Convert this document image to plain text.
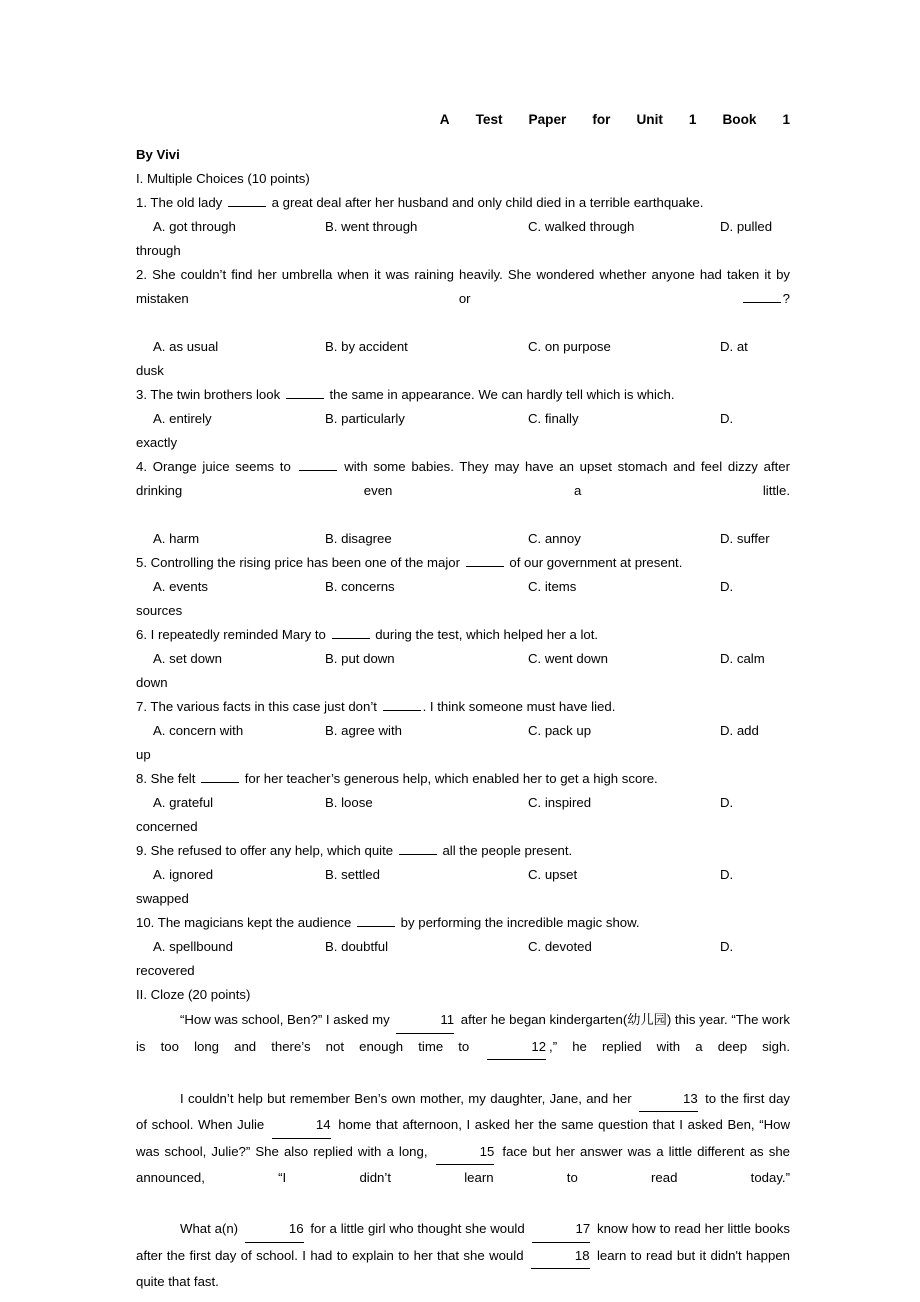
A Test Paper for Unit 1 Book 1
By Vivi
I. Multiple Choices (10 points)
1. The old lady	a great deal after her husband and only child died in a terrible earthquake.
A. got through	B. went through	C. walked through	D. pulled
through
2. She couldn’t find her umbrella when it was raining heavily. She wondered whether anyone had taken it by mistaken or	?
A. as usual	B. by accident	C. on purpose	D. at
dusk
3. The twin brothers look	the same in appearance. We can hardly tell which is which.
A. entirely	B. particularly	C. finally	D.
exactly
4. Orange juice seems to	with some babies. They may have an upset stomach and feel dizzy after drinking even a little.
A. harm	B. disagree	C. annoy	D. suffer
5. Controlling the rising price has been one of the major	of our government at present.
A. events	B. concerns	C. items	D.
sources
6. I repeatedly reminded Mary to	during the test, which helped her a lot.
A. set down	B. put down	C. went down	D. calm
down
7. The various facts in this case just don’t	. I think someone must have lied.
A. concern with	B. agree with	C. pack up	D. add
up
8. She felt	for her teacher’s generous help, which enabled her to get a high score.
A. grateful	B. loose	C. inspired	D.
concerned
9. She refused to offer any help, which quite	all the people present.
A. ignored	B. settled	C. upset	D.
swapped
10. The magicians kept the audience	by performing the incredible magic show.
A. spellbound	B. doubtful	C. devoted	D.
recovered
II. Cloze (20 points)
“How was school, Ben?” I asked my	11 after he began kindergarten(幼儿园) this year. “The work is too long and there’s not enough time to	12 ,” he replied with a deep sigh.
I couldn’t help but remember Ben’s own mother, my daughter, Jane, and her	13 to the first day of school. When Julie	14 home that afternoon, I asked her the same question that I asked Ben, “How was school, Julie?” She also replied with a long,	15 face but her answer was a little different as she announced, “I didn’t learn to read today.”
What a(n)	16 for a little girl who thought she would	17 know how to read her little books after the first day of school. I had to explain to her that she would	18 learn to read but it didn't happen quite that fast.
